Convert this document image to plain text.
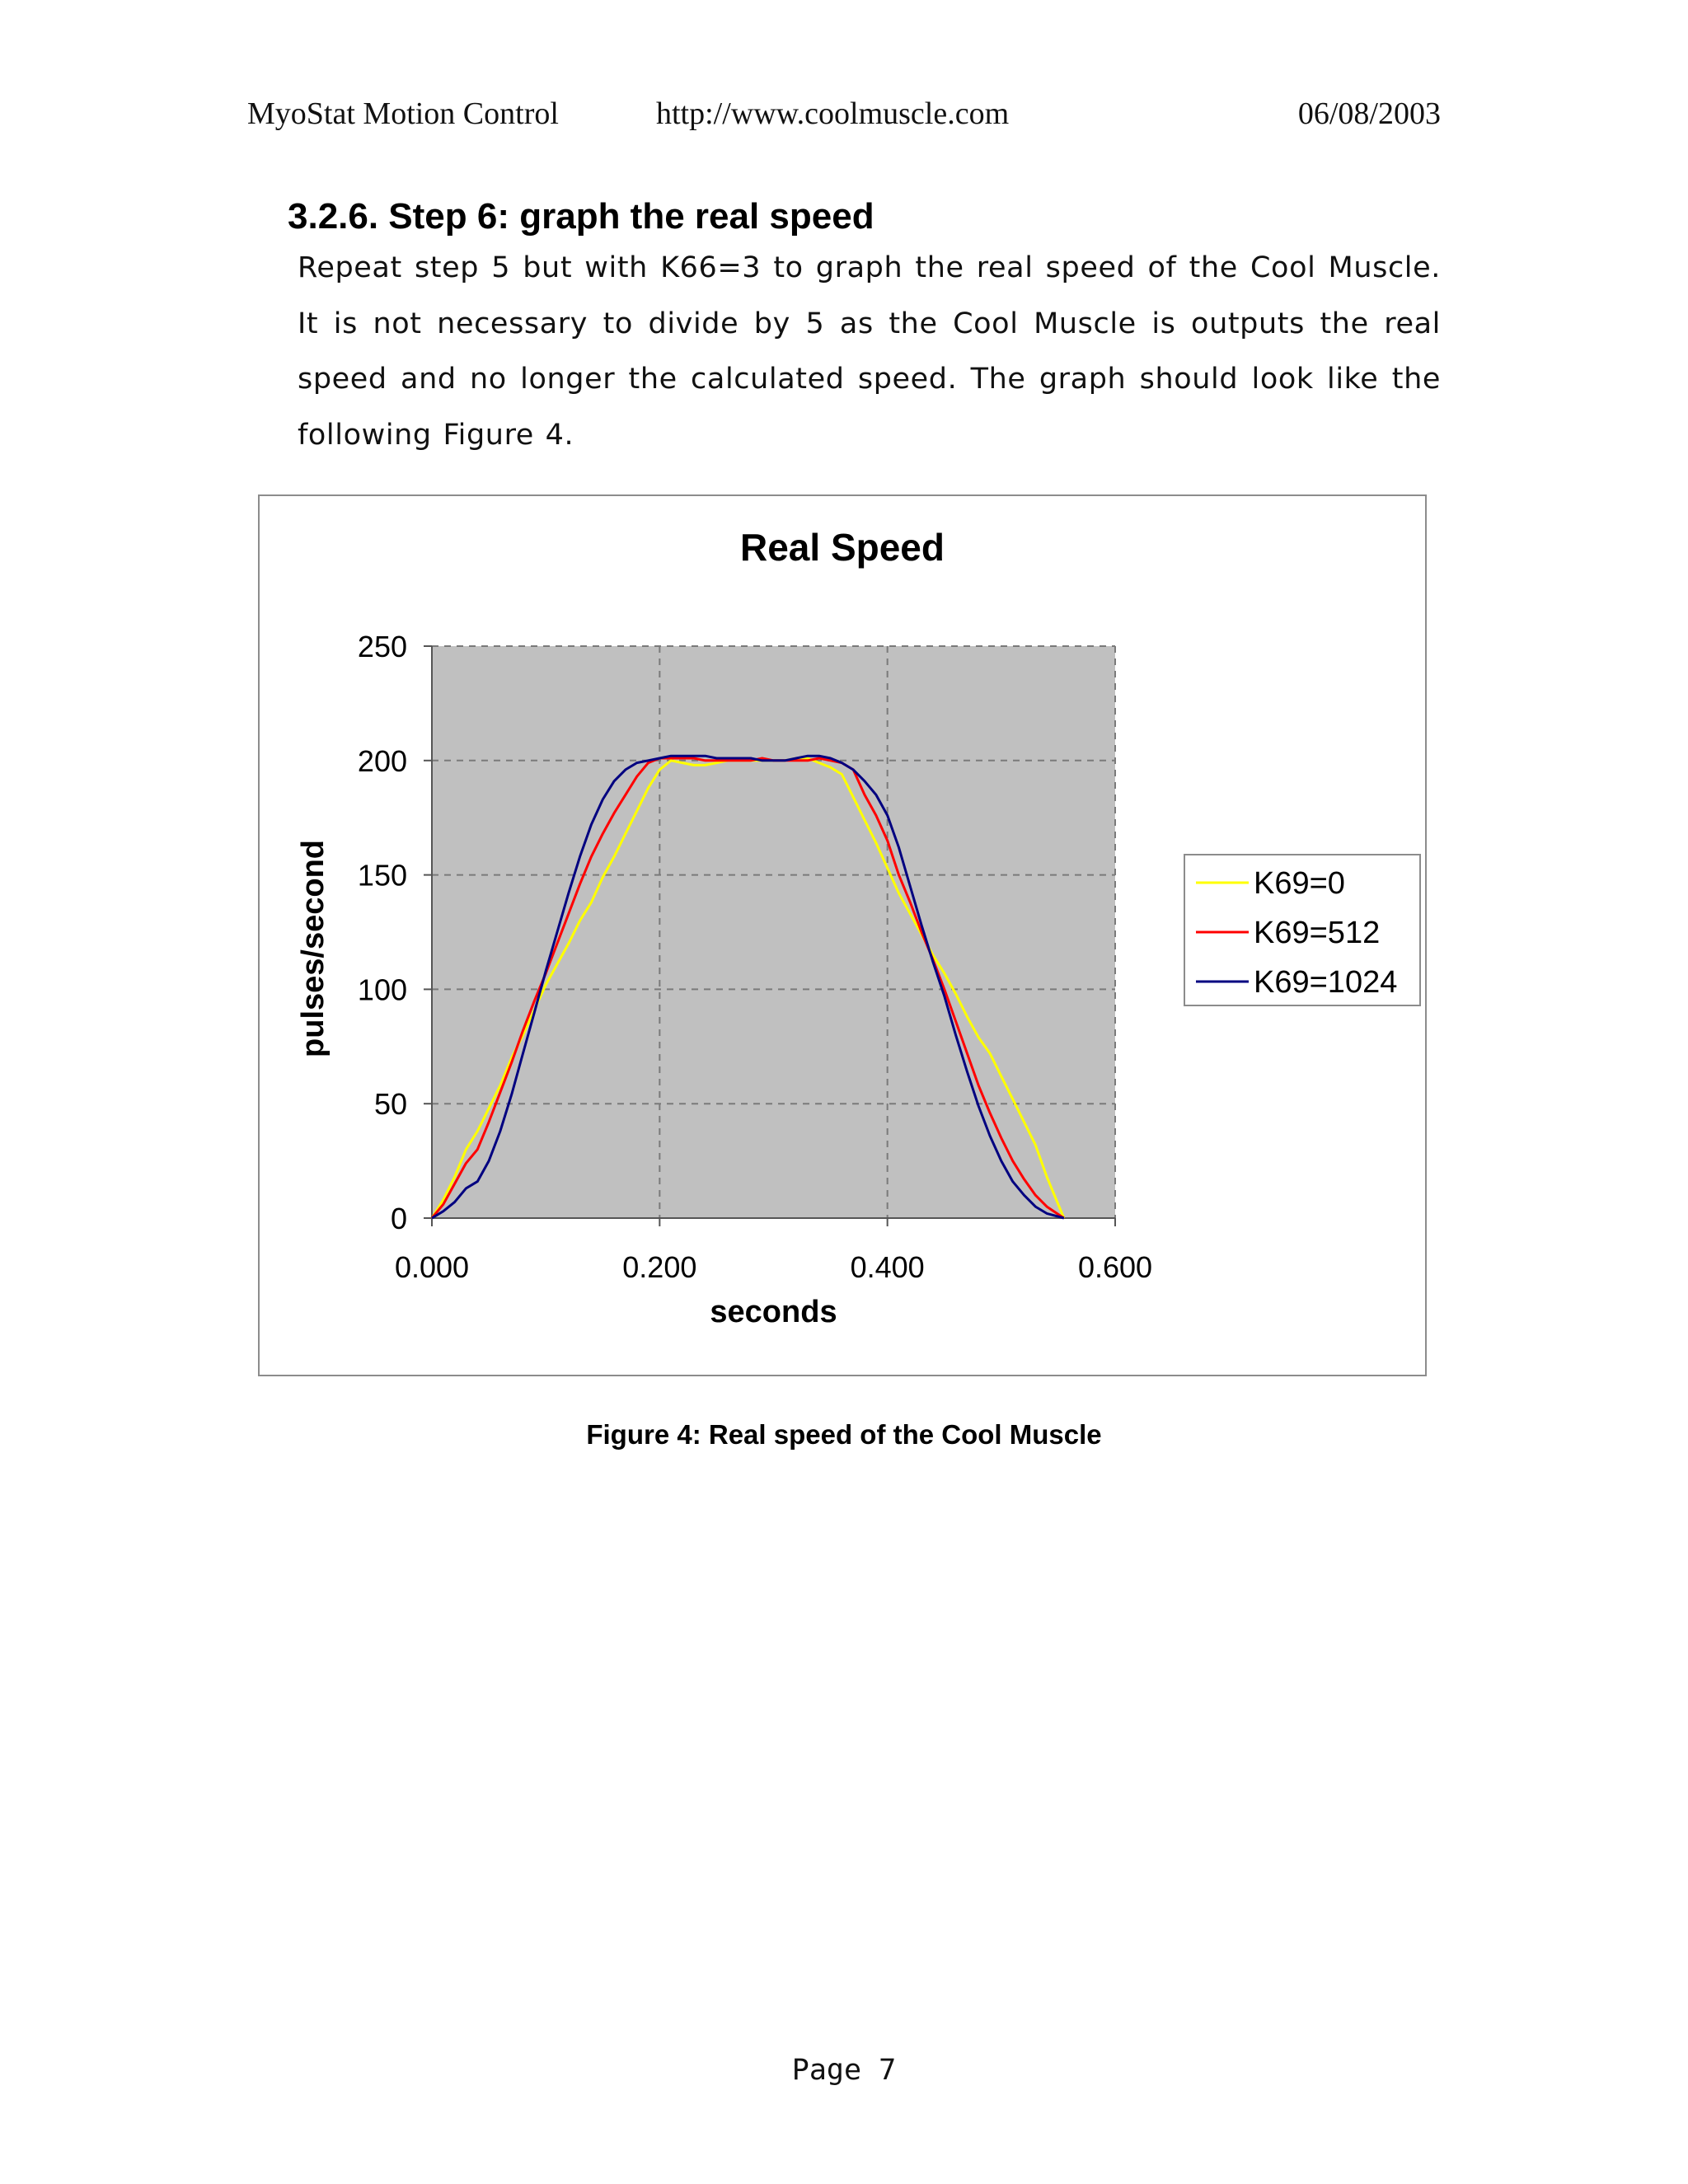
MyoStat Motion Control	http://www.coolmuscle.com	06/08/2003
3.2.6. Step 6: graph the real speed
Repeat step 5 but with K66=3 to graph the real speed of the Cool Muscle. It is not necessary to divide by 5 as the Cool Muscle is outputs the real speed and no longer the calculated speed. The graph should look like the following Figure 4.
0
50
100
150
200
250
0.000	0.200	0.400	0.600
Real Speed
seconds
pulses/second	K69=0
K69=512
K69=1024
Figure 4: Real speed of the Cool Muscle
Page 7
